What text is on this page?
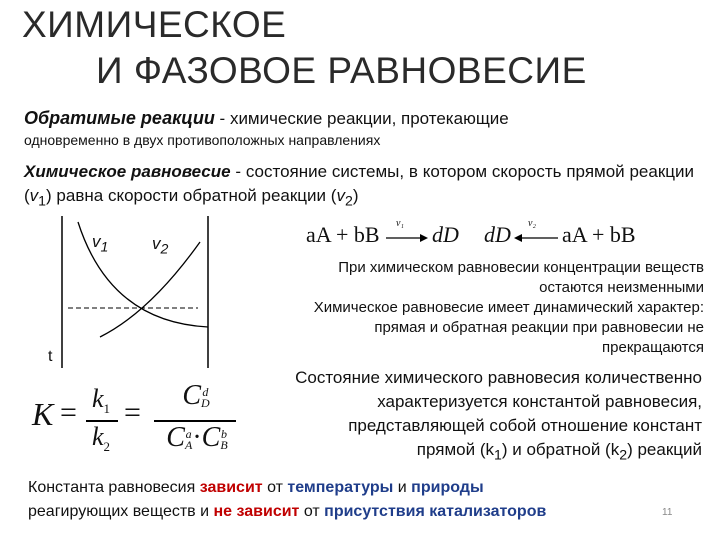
ХИМИЧЕСКОЕ
И ФАЗОВОЕ РАВНОВЕСИЕ
Обратимые реакции - химические реакции, протекающие
одновременно в двух противоположных направлениях
Химическое равновесие - состояние системы, в котором скорость прямой реакции $(v_1)$ равна скорости обратной реакции $(v_2)$
$v_1$	$v_2$
t
aA + bB v₁ dD dD v₂ aA + bB
При химическом равновесии концентрации веществ
остаются неизменными
Химическое равновесие имеет динамический характер:
прямая и обратная реакции при равновесии не
прекращаются
Состояние химического равновесия количественно
характеризуется константой равновесия,
представляющей собой отношение констант
прямой $(k_1)$ и обратной $(k_2)$ реакций
$K = k_1$
$k_2$
=
C d
D
C a
A ·C b
B
Константа равновесия зависит от температуры и природы
реагирующих веществ и не зависит от присутствия катализаторов	11
